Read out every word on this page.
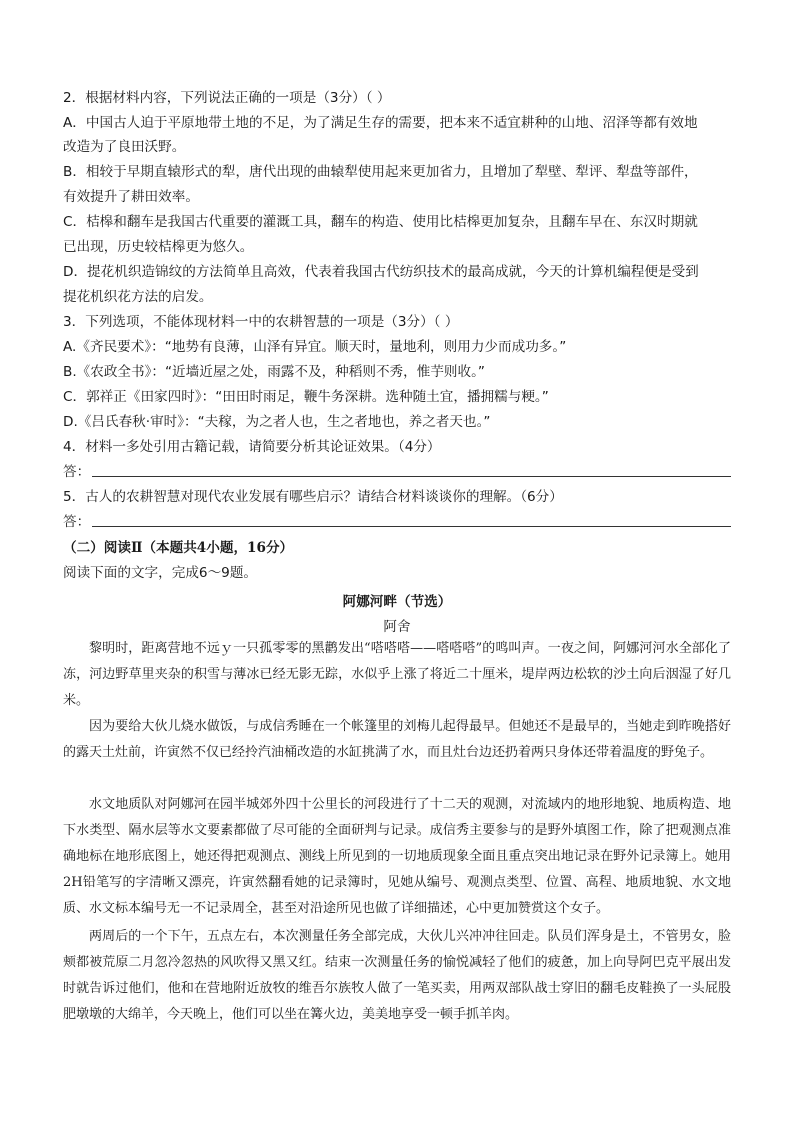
2．根据材料内容，下列说法正确的一项是（3分）（ ）
A．中国古人迫于平原地带土地的不足，为了满足生存的需要，把本来不适宜耕种的山地、沼泽等都有效地
改造为了良田沃野。
B．相较于早期直辕形式的犁，唐代出现的曲辕犁使用起来更加省力，且增加了犁壁、犁评、犁盘等部件，
有效提升了耕田效率。
C．桔槔和翻车是我国古代重要的灌溉工具，翻车的构造、使用比桔槔更加复杂，且翻车早在、东汉时期就
已出现，历史较桔槔更为悠久。
D．提花机织造锦纹的方法简单且高效，代表着我国古代纺织技术的最高成就，今天的计算机编程便是受到
提花机织花方法的启发。
3．下列选项，不能体现材料一中的农耕智慧的一项是（3分）（ ）
A.《齐民要术》：“地势有良薄，山泽有异宜。顺天时，量地利，则用力少而成功多。”
B.《农政全书》：“近墙近屋之处，雨露不及，种稻则不秀，惟芋则收。”
C．郭祥正《田家四时》：“田田时雨足，鞭牛务深耕。选种随土宜，播拥糯与粳。”
D.《吕氏春秋·审时》：“夫稼，为之者人也，生之者地也，养之者天也。”
4．材料一多处引用古籍记载，请简要分析其论证效果。（4分）
答：
5．古人的农耕智慧对现代农业发展有哪些启示？请结合材料谈谈你的理解。（6分）
答：
（二）阅读Ⅱ（本题共4小题，16分）
阅读下面的文字，完成6～9题。
阿娜河畔（节选）
阿舍
黎明时，距离营地不远ｙ一只孤零零的黑鹳发出“嗒嗒嗒——嗒嗒嗒”的鸣叫声。一夜之间，阿娜河河水全部化了冻，河边野草里夹杂的积雪与薄冰已经无影无踪，水似乎上涨了将近二十厘米，堤岸两边松软的沙土向后洇湿了好几米。
因为要给大伙儿烧水做饭，与成信秀睡在一个帐篷里的刘梅儿起得最早。但她还不是最早的，当她走到昨晚搭好的露天土灶前，许寅然不仅已经拎汽油桶改造的水缸挑满了水，而且灶台边还扔着两只身体还带着温度的野兔子。
水文地质队对阿娜河在园半城郊外四十公里长的河段进行了十二天的观测，对流域内的地形地貌、地质构造、地下水类型、隔水层等水文要素都做了尽可能的全面研判与记录。成信秀主要参与的是野外填图工作，除了把观测点准确地标在地形底图上，她还得把观测点、测线上所见到的一切地质现象全面且重点突出地记录在野外记录簿上。她用2H铅笔写的字清晰又漂亮，许寅然翻看她的记录簿时，见她从编号、观测点类型、位置、高程、地质地貌、水文地质、水文标本编号无一不记录周全，甚至对沿途所见也做了详细描述，心中更加赞赏这个女子。
两周后的一个下午，五点左右，本次测量任务全部完成，大伙儿兴冲冲往回走。队员们浑身是土，不管男女，脸颊都被荒原二月忽冷忽热的风吹得又黑又红。结束一次测量任务的愉悦减轻了他们的疲惫，加上向导阿巴克平展出发时就告诉过他们，他和在营地附近放牧的维吾尔族牧人做了一笔买卖，用两双部队战士穿旧的翻毛皮鞋换了一头屁股肥墩墩的大绵羊，今天晚上，他们可以坐在篝火边，美美地享受一顿手抓羊肉。
